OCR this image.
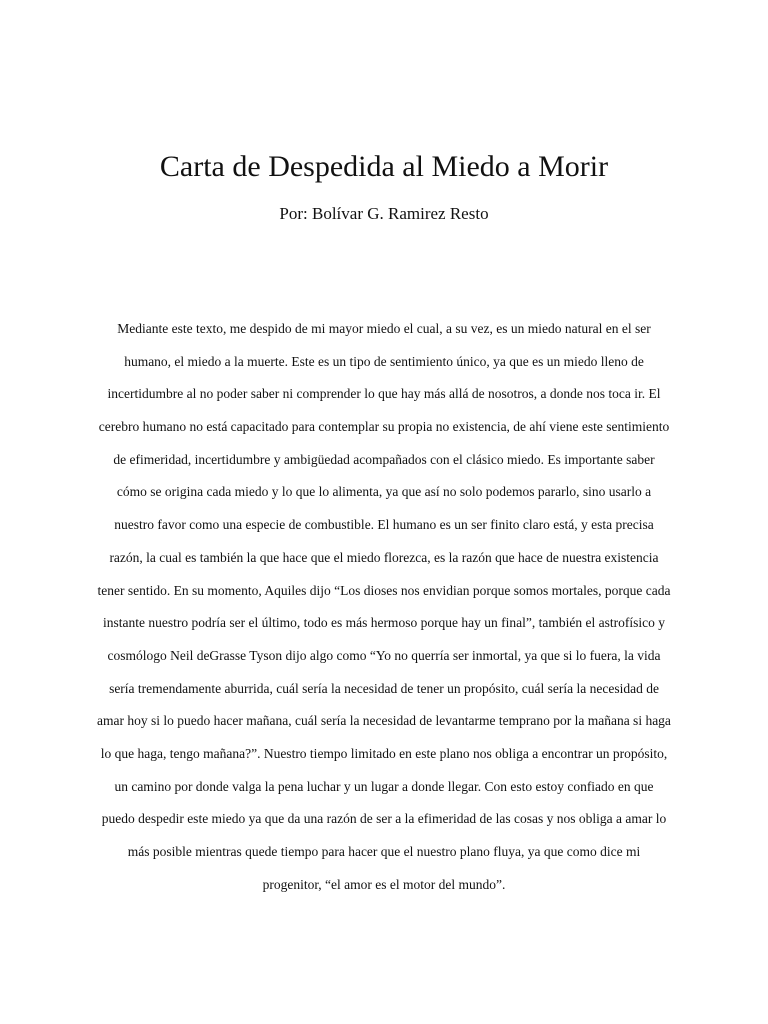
Carta de Despedida al Miedo a Morir

Por: Bolívar G. Ramirez Resto

Mediante este texto, me despido de mi mayor miedo el cual, a su vez, es un miedo natural en el ser
humano, el miedo a la muerte. Este es un tipo de sentimiento único, ya que es un miedo lleno de
incertidumbre al no poder saber ni comprender lo que hay más allá de nosotros, a donde nos toca ir. El
cerebro humano no está capacitado para contemplar su propia no existencia, de ahí viene este sentimiento
de efimeridad, incertidumbre y ambigüedad acompañados con el clásico miedo. Es importante saber
cómo se origina cada miedo y lo que lo alimenta, ya que así no solo podemos pararlo, sino usarlo a
nuestro favor como una especie de combustible. El humano es un ser finito claro está, y esta precisa
razón, la cual es también la que hace que el miedo florezca, es la razón que hace de nuestra existencia
tener sentido. En su momento, Aquiles dijo “Los dioses nos envidian porque somos mortales, porque cada
instante nuestro podría ser el último, todo es más hermoso porque hay un final”, también el astrofísico y
cosmólogo Neil deGrasse Tyson dijo algo como “Yo no querría ser inmortal, ya que si lo fuera, la vida
sería tremendamente aburrida, cuál sería la necesidad de tener un propósito, cuál sería la necesidad de
amar hoy si lo puedo hacer mañana, cuál sería la necesidad de levantarme temprano por la mañana si haga
lo que haga, tengo mañana?”. Nuestro tiempo limitado en este plano nos obliga a encontrar un propósito,
un camino por donde valga la pena luchar y un lugar a donde llegar. Con esto estoy confiado en que
puedo despedir este miedo ya que da una razón de ser a la efimeridad de las cosas y nos obliga a amar lo
más posible mientras quede tiempo para hacer que el nuestro plano fluya, ya que como dice mi
progenitor, “el amor es el motor del mundo”.
